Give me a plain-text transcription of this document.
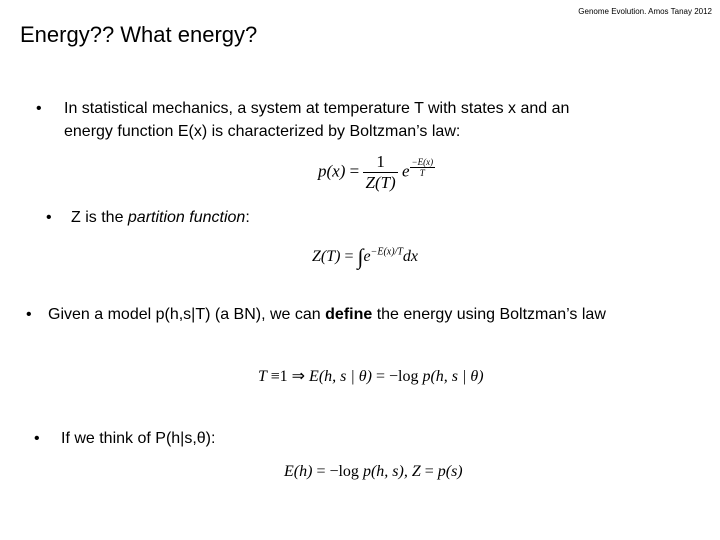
Genome Evolution. Amos Tanay 2012
Energy?? What energy?
• In statistical mechanics, a system at temperature T with states x and an
energy function E(x) is characterized by Boltzman’s law:
$p(x) = \frac{1}{Z(T)}$ e $^{\frac{-E(x)}{T}}$
• Z is the partition function:
$Z(T) = \int e^{-E(x)/T}dx$
• Given a model p(h,s|T) (a BN), we can define the energy using Boltzman’s law
T ≡1 ⇒ E(h, s | θ) = −log p(h, s | θ)
• If we think of P(h|s,θ):
E(h) = −log p(h, s), Z = p(s)
